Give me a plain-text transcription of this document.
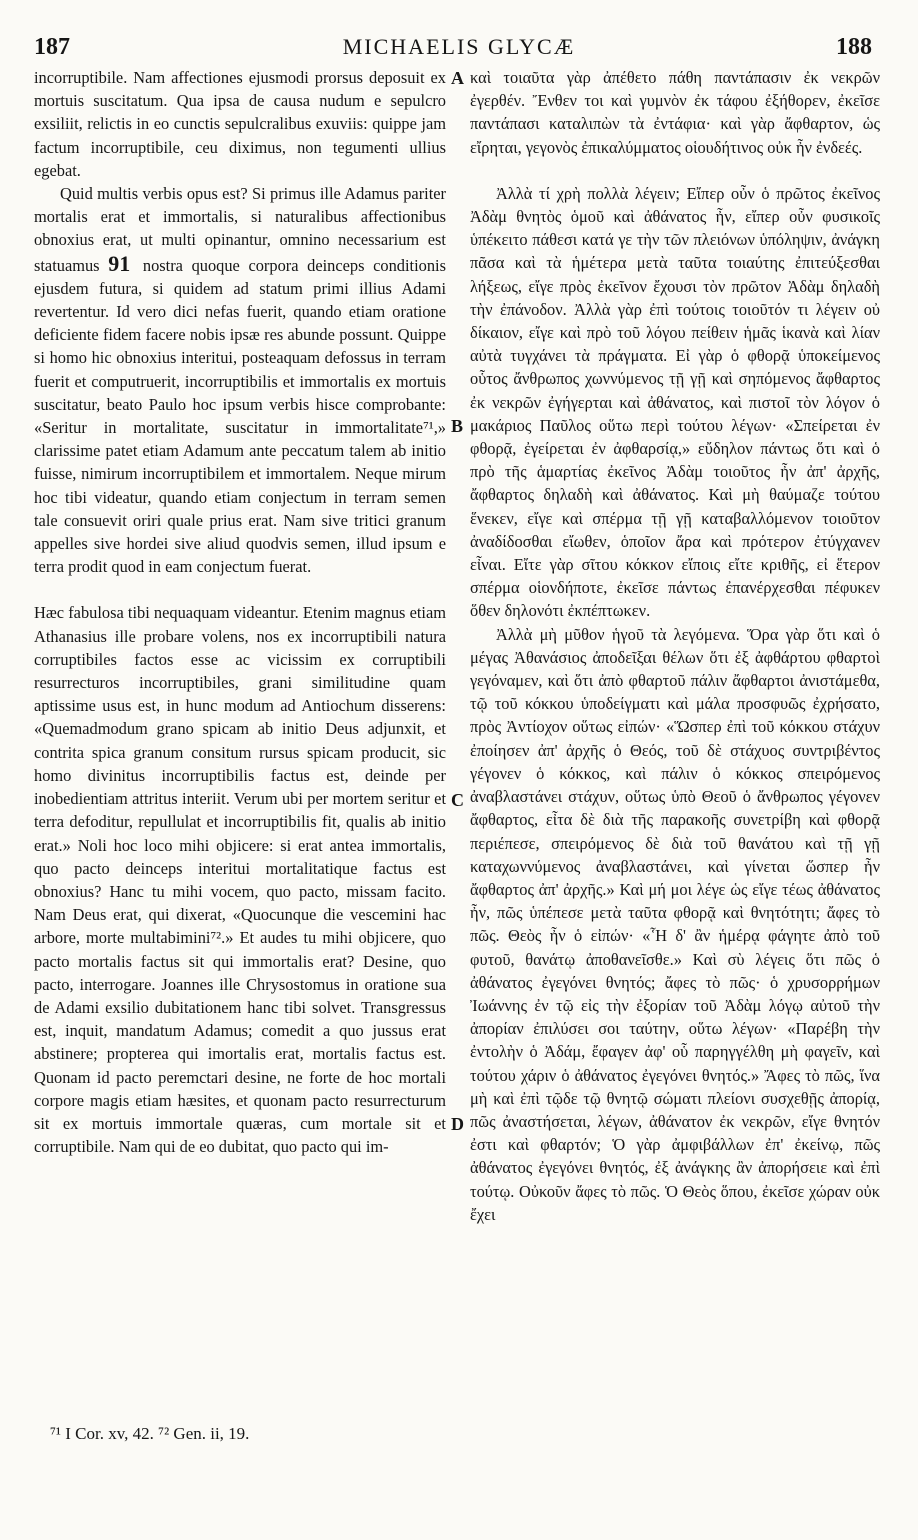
187	MICHAELIS GLYCÆ	188

incorruptibile. Nam affectiones ejusmodi prorsus deposuit ex mortuis suscitatum. Qua ipsa de causa nudum e sepulcro exsiliit, relictis in eo cunctis sepulcralibus exuviis: quippe jam factum incorruptibile, ceu diximus, non tegumenti ullius egebat.

Quid multis verbis opus est? Si primus ille Adamus pariter mortalis erat et immortalis, si naturalibus affectionibus obnoxius erat, ut multi opinantur, omnino necessarium est statuamus 91 nostra quoque corpora deinceps conditionis ejusdem futura, si quidem ad statum primi illius Adami revertentur. Id vero dici nefas fuerit, quando etiam oratione deficiente fidem facere nobis ipsæ res abunde possunt. Quippe si homo hic obnoxius interitui, posteaquam defossus in terram fuerit et computruerit, incorruptibilis et immortalis ex mortuis suscitatur, beato Paulo hoc ipsum verbis hisce comprobante: «Seritur in mortalitate, suscitatur in immortalitate⁷¹,» clarissime patet etiam Adamum ante peccatum talem ab initio fuisse, nimirum incorruptibilem et immortalem. Neque mirum hoc tibi videatur, quando etiam conjectum in terram semen tale consuevit oriri quale prius erat. Nam sive tritici granum appelles sive hordei sive aliud quodvis semen, illud ipsum e terra prodit quod in eam conjectum fuerat.

Hæc fabulosa tibi nequaquam videantur. Etenim magnus etiam Athanasius ille probare volens, nos ex incorruptibili natura corruptibiles factos esse ac vicissim ex corruptibili resurrecturos incorruptibiles, grani similitudine quam aptissime usus est, in hunc modum ad Antiochum disserens: «Quemadmodum grano spicam ab initio Deus adjunxit, et contrita spica granum consitum rursus spicam producit, sic homo divinitus incorruptibilis factus est, deinde per inobedientiam attritus interiit. Verum ubi per mortem seritur et terra defoditur, repullulat et incorruptibilis fit, qualis ab initio erat.» Noli hoc loco mihi objicere: si erat antea immortalis, quo pacto deinceps interitui mortalitatique factus est obnoxius? Hanc tu mihi vocem, quo pacto, missam facito. Nam Deus erat, qui dixerat, «Quocunque die vescemini hac arbore, morte multabimini⁷².» Et audes tu mihi objicere, quo pacto mortalis factus sit qui immortalis erat? Desine, quo pacto, interrogare. Joannes ille Chrysostomus in oratione sua de Adami exsilio dubitationem hanc tibi solvet. Transgressus est, inquit, mandatum Adamus; comedit a quo jussus erat abstinere; propterea qui imortalis erat, mortalis factus est. Quonam id pacto peremctari desine, ne forte de hoc mortali corpore magis etiam hæsites, et quonam pacto resurrecturum sit ex mortuis immortale quæras, cum mortale sit et corruptibile. Nam qui de eo dubitat, quo pacto qui im-

A
B
C
D

καὶ τοιαῦτα γὰρ ἀπέθετο πάθη παντάπασιν ἐκ νεκρῶν ἐγερθέν. Ἔνθεν τοι καὶ γυμνὸν ἐκ τάφου ἐξήθορεν, ἐκεῖσε παντάπασι καταλιπὼν τὰ ἐντάφια· καὶ γὰρ ἄφθαρτον, ὡς εἴρηται, γεγονὸς ἐπικαλύμματος οἱουδήτινος οὐκ ἦν ἐνδεές.

Ἀλλὰ τί χρὴ πολλὰ λέγειν; Εἴπερ οὖν ὁ πρῶτος ἐκεῖνος Ἀδὰμ θνητὸς ὁμοῦ καὶ ἀθάνατος ἦν, εἴπερ οὖν φυσικοῖς ὑπέκειτο πάθεσι κατά γε τὴν τῶν πλειόνων ὑπόληψιν, ἀνάγκη πᾶσα καὶ τὰ ἡμέτερα μετὰ ταῦτα τοιαύτης ἐπιτεύξεσθαι λήξεως, εἴγε πρὸς ἐκεῖνον ἔχουσι τὸν πρῶτον Ἀδὰμ δηλαδὴ τὴν ἐπάνοδον. Ἀλλὰ γὰρ ἐπὶ τούτοις τοιοῦτόν τι λέγειν οὐ δίκαιον, εἴγε καὶ πρὸ τοῦ λόγου πείθειν ἡμᾶς ἱκανὰ καὶ λίαν αὐτὰ τυγχάνει τὰ πράγματα. Εἰ γὰρ ὁ φθορᾷ ὑποκείμενος οὗτος ἄνθρωπος χωννύμενος τῇ γῇ καὶ σηπόμενος ἄφθαρτος ἐκ νεκρῶν ἐγήγερται καὶ ἀθάνατος, καὶ πιστοῖ τὸν λόγον ὁ μακάριος Παῦλος οὕτω περὶ τούτου λέγων· «Σπείρεται ἐν φθορᾷ, ἐγείρεται ἐν ἀφθαρσίᾳ,» εὔδηλον πάντως ὅτι καὶ ὁ πρὸ τῆς ἁμαρτίας ἐκεῖνος Ἀδὰμ τοιοῦτος ἦν ἀπ' ἀρχῆς, ἄφθαρτος δηλαδὴ καὶ ἀθάνατος. Καὶ μὴ θαύμαζε τούτου ἕνεκεν, εἴγε καὶ σπέρμα τῇ γῇ καταβαλλόμενον τοιοῦτον ἀναδίδοσθαι εἴωθεν, ὁποῖον ἄρα καὶ πρότερον ἐτύγχανεν εἶναι. Εἴτε γὰρ σῖτου κόκκον εἴποις εἴτε κριθῆς, εἰ ἕτερον σπέρμα οἱονδήποτε, ἐκεῖσε πάντως ἐπανέρχεσθαι πέφυκεν ὅθεν δηλονότι ἐκπέπτωκεν.

Ἀλλὰ μὴ μῦθον ἡγοῦ τὰ λεγόμενα. Ὅρα γὰρ ὅτι καὶ ὁ μέγας Ἀθανάσιος ἀποδεῖξαι θέλων ὅτι ἐξ ἀφθάρτου φθαρτοὶ γεγόναμεν, καὶ ὅτι ἀπὸ φθαρτοῦ πάλιν ἄφθαρτοι ἀνιστάμεθα, τῷ τοῦ κόκκου ὑποδείγματι καὶ μάλα προσφυῶς ἐχρήσατο, πρὸς Ἀντίοχον οὕτως εἰπών· «Ὥσπερ ἐπὶ τοῦ κόκκου στάχυν ἐποίησεν ἀπ' ἀρχῆς ὁ Θεός, τοῦ δὲ στάχυος συντριβέντος γέγονεν ὁ κόκκος, καὶ πάλιν ὁ κόκκος σπειρόμενος ἀναβλαστάνει στάχυν, οὕτως ὑπὸ Θεοῦ ὁ ἄνθρωπος γέγονεν ἄφθαρτος, εἶτα δὲ διὰ τῆς παρακοῆς συνετρίβη καὶ φθορᾷ περιέπεσε, σπειρόμενος δὲ διὰ τοῦ θανάτου καὶ τῇ γῇ καταχωννύμενος ἀναβλαστάνει, καὶ γίνεται ὥσπερ ἦν ἄφθαρτος ἀπ' ἀρχῆς.» Καὶ μή μοι λέγε ὡς εἴγε τέως ἀθάνατος ἦν, πῶς ὑπέπεσε μετὰ ταῦτα φθορᾷ καὶ θνητότητι; ἄφες τὸ πῶς. Θεὸς ἦν ὁ εἰπών· «Ἧ δ' ἂν ἡμέρᾳ φάγητε ἀπὸ τοῦ φυτοῦ, θανάτῳ ἀποθανεῖσθε.» Καὶ σὺ λέγεις ὅτι πῶς ὁ ἀθάνατος ἐγεγόνει θνητός; ἄφες τὸ πῶς· ὁ χρυσορρήμων Ἰωάννης ἐν τῷ εἰς τὴν ἐξορίαν τοῦ Ἀδὰμ λόγῳ αὐτοῦ τὴν ἀπορίαν ἐπιλύσει σοι ταύτην, οὕτω λέγων· «Παρέβη τὴν ἐντολὴν ὁ Ἀδάμ, ἔφαγεν ἀφ' οὗ παρηγγέλθη μὴ φαγεῖν, καὶ τούτου χάριν ὁ ἀθάνατος ἐγεγόνει θνητός.» Ἄφες τὸ πῶς, ἵνα μὴ καὶ ἐπὶ τῷδε τῷ θνητῷ σώματι πλείονι συσχεθῇς ἀπορίᾳ, πῶς ἀναστήσεται, λέγων, ἀθάνατον ἐκ νεκρῶν, εἴγε θνητόν ἐστι καὶ φθαρτόν; Ὁ γὰρ ἀμφιβάλλων ἐπ' ἐκείνῳ, πῶς ἀθάνατος ἐγεγόνει θνητός, ἐξ ἀνάγκης ἂν ἀπορήσειε καὶ ἐπὶ τούτῳ. Οὐκοῦν ἄφες τὸ πῶς. Ὁ Θεὸς ὅπου, ἐκεῖσε χώραν οὐκ ἔχει

⁷¹ I Cor. xv, 42. ⁷² Gen. ii, 19.
